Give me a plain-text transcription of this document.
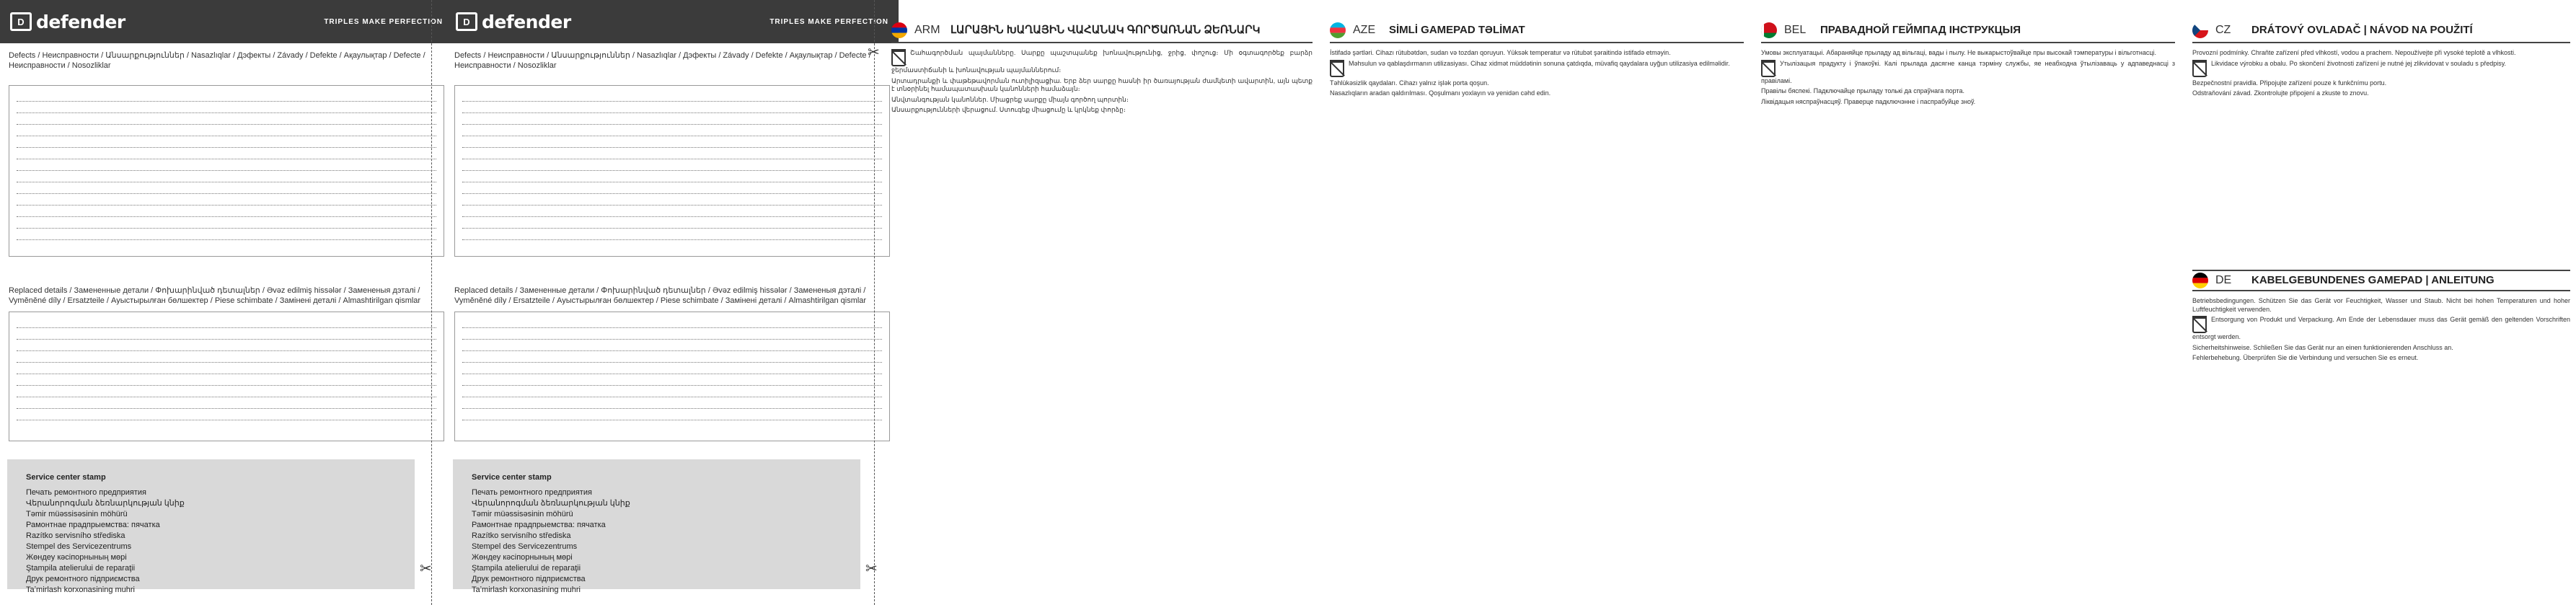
D defender	TRIPLES MAKE PERFECTION
Defects / Неисправности / Անսարքություններ / Nasazlıqlar / Дэфекты / Závady / Defekte / Ақаулықтар / Defecte / Неисправности / Nosozliklar
Replaced details / Замененные детали / Փոխարինված դետալներ / Əvəz edilmiş hissələr / Замененыя дэталі / Vyměněné díly / Ersatzteile / Ауыстырылған бөлшектер / Piese schimbate / Замінені деталі / Almashtirilgan qismlar
Service center stamp
Печать ремонтного предприятия
Վերանորոգման ձեռնարկության կնիք
Təmir müəssisəsinin möhürü
Рамонтнае прадпрыемства: пячатка
Razítko servisního střediska
Stempel des Servicezentrums
Жөндеу кәсіпорнының мөрі
Ştampila atelierului de reparaţii
Друк ремонтного підприємства
Taʼmirlash korxonasining muhri
✂
D defender	TRIPLES MAKE PERFECTION
Defects / Неисправности / Անսարքություններ / Nasazlıqlar / Дэфекты / Závady / Defekte / Ақаулықтар / Defecte / Неисправности / Nosozliklar
Replaced details / Замененные детали / Փոխարինված դետալներ / Əvəz edilmiş hissələr / Замененыя дэталі / Vyměněné díly / Ersatzteile / Ауыстырылған бөлшектер / Piese schimbate / Замінені деталі / Almashtirilgan qismlar
Service center stamp
Печать ремонтного предприятия
Վերանորոգման ձեռնարկության կնիք
Təmir müəssisəsinin möhürü
Рамонтнае прадпрыемства: пячатка
Razítko servisního střediska
Stempel des Servicezentrums
Жөндеу кәсіпорнының мөрі
Ştampila atelierului de reparaţii
Друк ремонтного підприємства
Taʼmirlash korxonasining muhri
✂
✂
ARM ԼԱՐԱՅԻՆ ԽԱՂԱՅԻՆ ՎԱՀԱՆԱԿ ԳՈՐԾԱՌՆԱՆ ՁԵՌՆԱՐԿ

Շահագործման պայմանները. Սարքը պաշտպանեք խոնավությունից, ջրից, փոշուց։ Մի օգտագործեք բարձր ջերմաստիճանի և խոնավության պայմաններում։

Արտադրանքի և փաթեթավորման ուտիլիզացիա. Երբ ձեր սարքը հասնի իր ծառայության ժամկետի ավարտին, այն պետք է տնօրինել համապատասխան կանոնների համաձայն։

Անվտանգության կանոններ. Միացրեք սարքը միայն գործող պորտին։

Անսարքությունների վերացում. Ստուգեք միացումը և կրկնեք փորձը։

AZE	SİMLİ GAMEPAD TƏLİMAT

İstifadə şərtləri. Cihazı rütubətdən, sudan və tozdan qoruyun. Yüksək temperatur və rütubət şəraitində istifadə etməyin.

Məhsulun və qablaşdırmanın utilizasiyası. Cihaz xidmət müddətinin sonuna çatdıqda, müvafiq qaydalara uyğun utilizasiya edilməlidir.

Təhlükəsizlik qaydaları. Cihazı yalnız işlək porta qoşun.

Nasazlıqların aradan qaldırılması. Qoşulmanı yoxlayın və yenidən cəhd edin.

BEL	ПРАВАДНОЙ ГЕЙМПАД ІНСТРУКЦЫЯ

Умовы эксплуатацыі. Абараняйце прыладу ад вільгаці, вады і пылу. Не выкарыстоўвайце пры высокай тэмпературы і вільготнасці.

Утылізацыя прадукту і ўпакоўкі. Калі прылада дасягне канца тэрміну службы, яе неабходна ўтылізаваць у адпаведнасці з правіламі.

Правілы бяспекі. Падключайце прыладу толькі да спраўнага порта.

Ліквідацыя няспраўнасцяў. Праверце падключэнне і паспрабуйце зноў.

CZ	DRÁTOVÝ OVLADAČ | NÁVOD NA POUŽITÍ

Provozní podmínky. Chraňte zařízení před vlhkostí, vodou a prachem. Nepoužívejte při vysoké teplotě a vlhkosti.

Likvidace výrobku a obalu. Po skončení životnosti zařízení je nutné jej zlikvidovat v souladu s předpisy.

Bezpečnostní pravidla. Připojujte zařízení pouze k funkčnímu portu.

Odstraňování závad. Zkontrolujte připojení a zkuste to znovu.

DE	KABELGEBUNDENES GAMEPAD | ANLEITUNG

Betriebsbedingungen. Schützen Sie das Gerät vor Feuchtigkeit, Wasser und Staub. Nicht bei hohen Temperaturen und hoher Luftfeuchtigkeit verwenden.

Entsorgung von Produkt und Verpackung. Am Ende der Lebensdauer muss das Gerät gemäß den geltenden Vorschriften entsorgt werden.

Sicherheitshinweise. Schließen Sie das Gerät nur an einen funktionierenden Anschluss an.

Fehlerbehebung. Überprüfen Sie die Verbindung und versuchen Sie es erneut.
